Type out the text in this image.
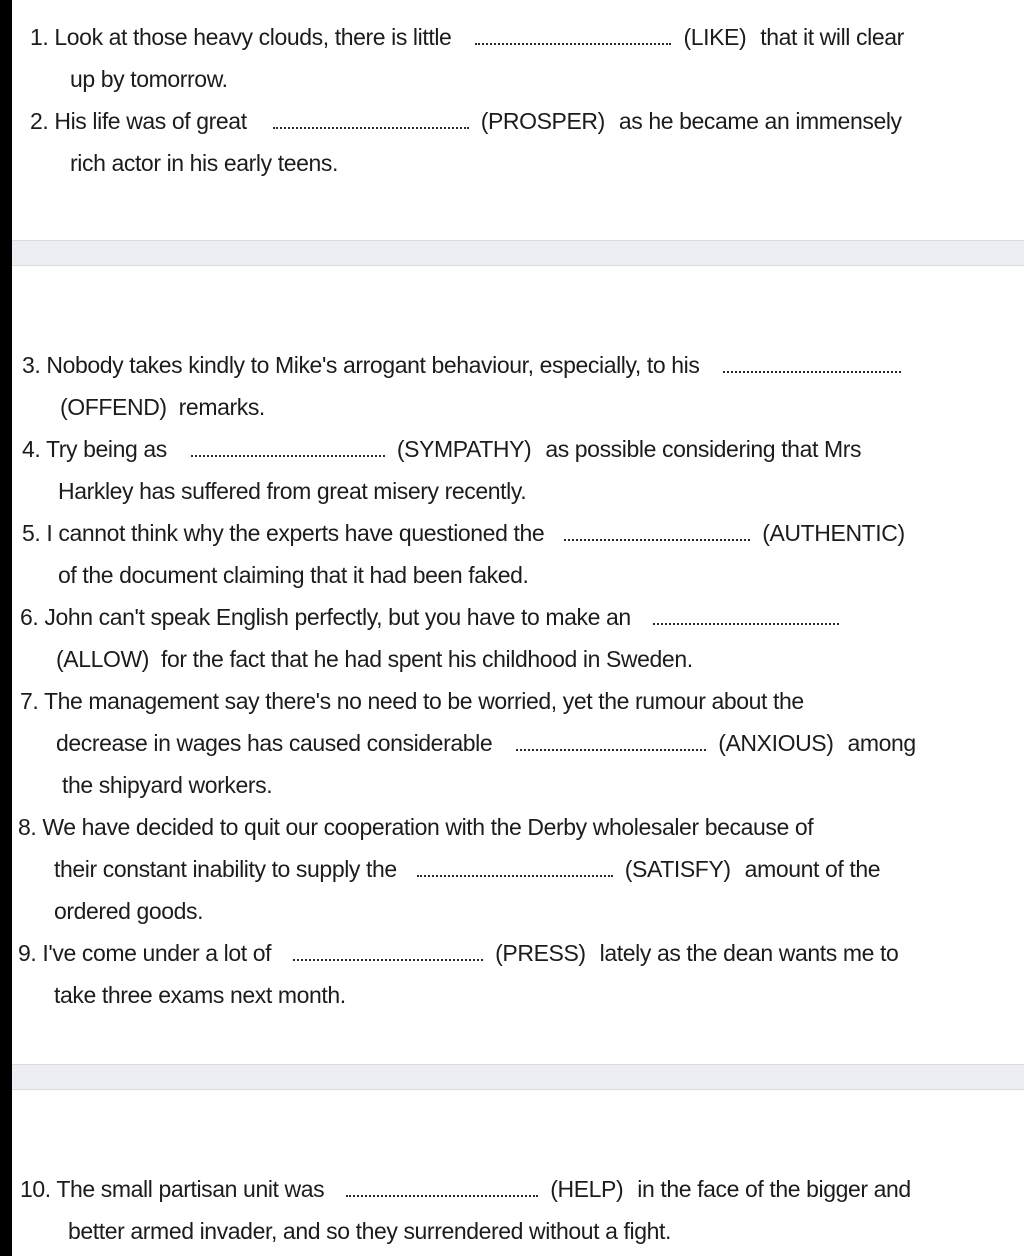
1. Look at those heavy clouds, there is little	(LIKE) that it will clear
up by tomorrow.
2. His life was of great	(PROSPER) as he became an immensely
rich actor in his early teens.
3. Nobody takes kindly to Mike's arrogant behaviour, especially, to his
(OFFEND) remarks.
4. Try being as	(SYMPATHY) as possible considering that Mrs
Harkley has suffered from great misery recently.
5. I cannot think why the experts have questioned the	(AUTHENTIC)
of the document claiming that it had been faked.
6. John can't speak English perfectly, but you have to make an
(ALLOW) for the fact that he had spent his childhood in Sweden.
7. The management say there's no need to be worried, yet the rumour about the
decrease in wages has caused considerable	(ANXIOUS) among
the shipyard workers.
8. We have decided to quit our cooperation with the Derby wholesaler because of
their constant inability to supply the	(SATISFY) amount of the
ordered goods.
9. I've come under a lot of	(PRESS) lately as the dean wants me to
take three exams next month.
10. The small partisan unit was	(HELP) in the face of the bigger and
better armed invader, and so they surrendered without a fight.
